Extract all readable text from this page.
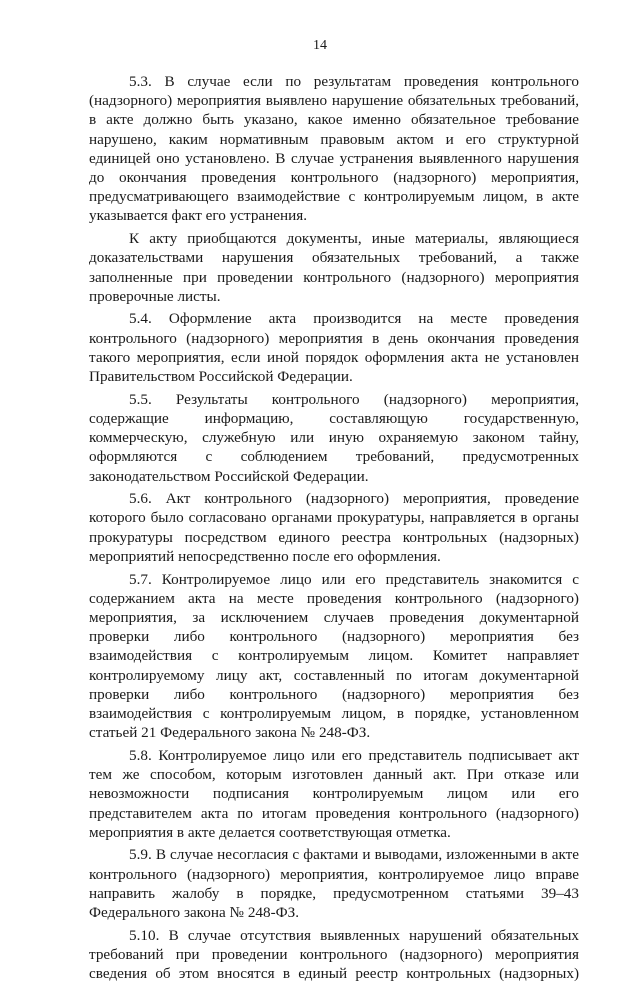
14

5.3. В случае если по результатам проведения контрольного (надзорного) мероприятия выявлено нарушение обязательных требований, в акте должно быть указано, какое именно обязательное требование нарушено, каким нормативным правовым актом и его структурной единицей оно установлено. В случае устранения выявленного нарушения до окончания проведения контрольного (надзорного) мероприятия, предусматривающего взаимодействие с контролируемым лицом, в акте указывается факт его устранения.

К акту приобщаются документы, иные материалы, являющиеся доказательствами нарушения обязательных требований, а также заполненные при проведении контрольного (надзорного) мероприятия проверочные листы.

5.4. Оформление акта производится на месте проведения контрольного (надзорного) мероприятия в день окончания проведения такого мероприятия, если иной порядок оформления акта не установлен Правительством Российской Федерации.

5.5. Результаты контрольного (надзорного) мероприятия, содержащие информацию, составляющую государственную, коммерческую, служебную или иную охраняемую законом тайну, оформляются с соблюдением требований, предусмотренных законодательством Российской Федерации.

5.6. Акт контрольного (надзорного) мероприятия, проведение которого было согласовано органами прокуратуры, направляется в органы прокуратуры посредством единого реестра контрольных (надзорных) мероприятий непосредственно после его оформления.

5.7. Контролируемое лицо или его представитель знакомится с содержанием акта на месте проведения контрольного (надзорного) мероприятия, за исключением случаев проведения документарной проверки либо контрольного (надзорного) мероприятия без взаимодействия с контролируемым лицом. Комитет направляет контролируемому лицу акт, составленный по итогам документарной проверки либо контрольного (надзорного) мероприятия без взаимодействия с контролируемым лицом, в порядке, установленном статьей 21 Федерального закона № 248-ФЗ.

5.8. Контролируемое лицо или его представитель подписывает акт тем же способом, которым изготовлен данный акт. При отказе или невозможности подписания контролируемым лицом или его представителем акта по итогам проведения контрольного (надзорного) мероприятия в акте делается соответствующая отметка.

5.9. В случае несогласия с фактами и выводами, изложенными в акте контрольного (надзорного) мероприятия, контролируемое лицо вправе направить жалобу в порядке, предусмотренном статьями 39–43 Федерального закона № 248-ФЗ.

5.10. В случае отсутствия выявленных нарушений обязательных требований при проведении контрольного (надзорного) мероприятия сведения об этом вносятся в единый реестр контрольных (надзорных)
